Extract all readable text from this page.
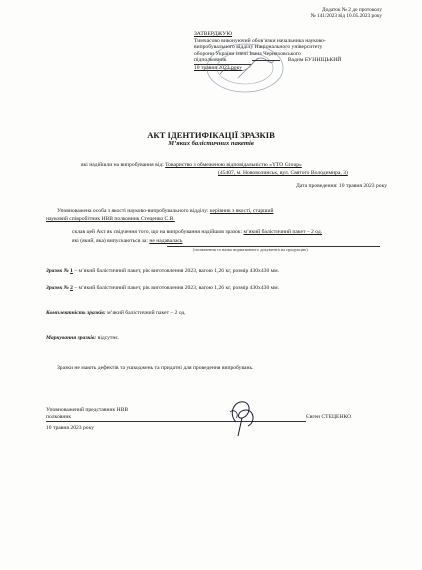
Додаток № 2 до протоколу
№ 141/2023 від 10.05.2023 року
ЗАТВЕРДЖУЮ
Тимчасово виконуючий обов’язки начальника науково-
випробувального відділу Національного університету
оборони України імені Івана Черняховського
підполковник	Вадим БУЗІНІЦЬКИЙ
10 травня 2023 року
АКТ ІДЕНТИФІКАЦІЇ ЗРАЗКІВ
М’яких балістичних пакетів
які надійшли на випробування від: Товариство з обмеженою відповідальністю «YTO Group»
(45407, м. Нововолинськ, вул. Святого Володимира, 3)
Дата проведення: 10 травня 2023 року
Уповноважена особа з якості науково-випробувального відділу: керівник з якості, старший
науковий співробітник НВВ полковник Стеценко С.В.
склав цей Акт як свідчення того, що на випробування надійшов зразок: м’який балістичний пакет – 2 од.
які (який, яка) випускаються за: не надавалась
(позначення та назва нормативного документа на продукцію)
Зразок № 1 – м’який балістичний пакет, рік виготовлення 2023, вагою 1,26 кг, розмір 430х430 мм.
Зразок № 2 – м’який балістичний пакет, рік виготовлення 2023, вагою 1,26 кг, розмір 430х430 мм.
Комплектність зразків: м’який балістичний пакет – 2 од.
Маркування зразків: відсутнє.
Зразки не мають дефектів та ушкоджень та придатні для проведення випробувань.
Уповноважений представник НВВ
полковник	Євген СТЕЦЕНКО
10 травня 2023 року
